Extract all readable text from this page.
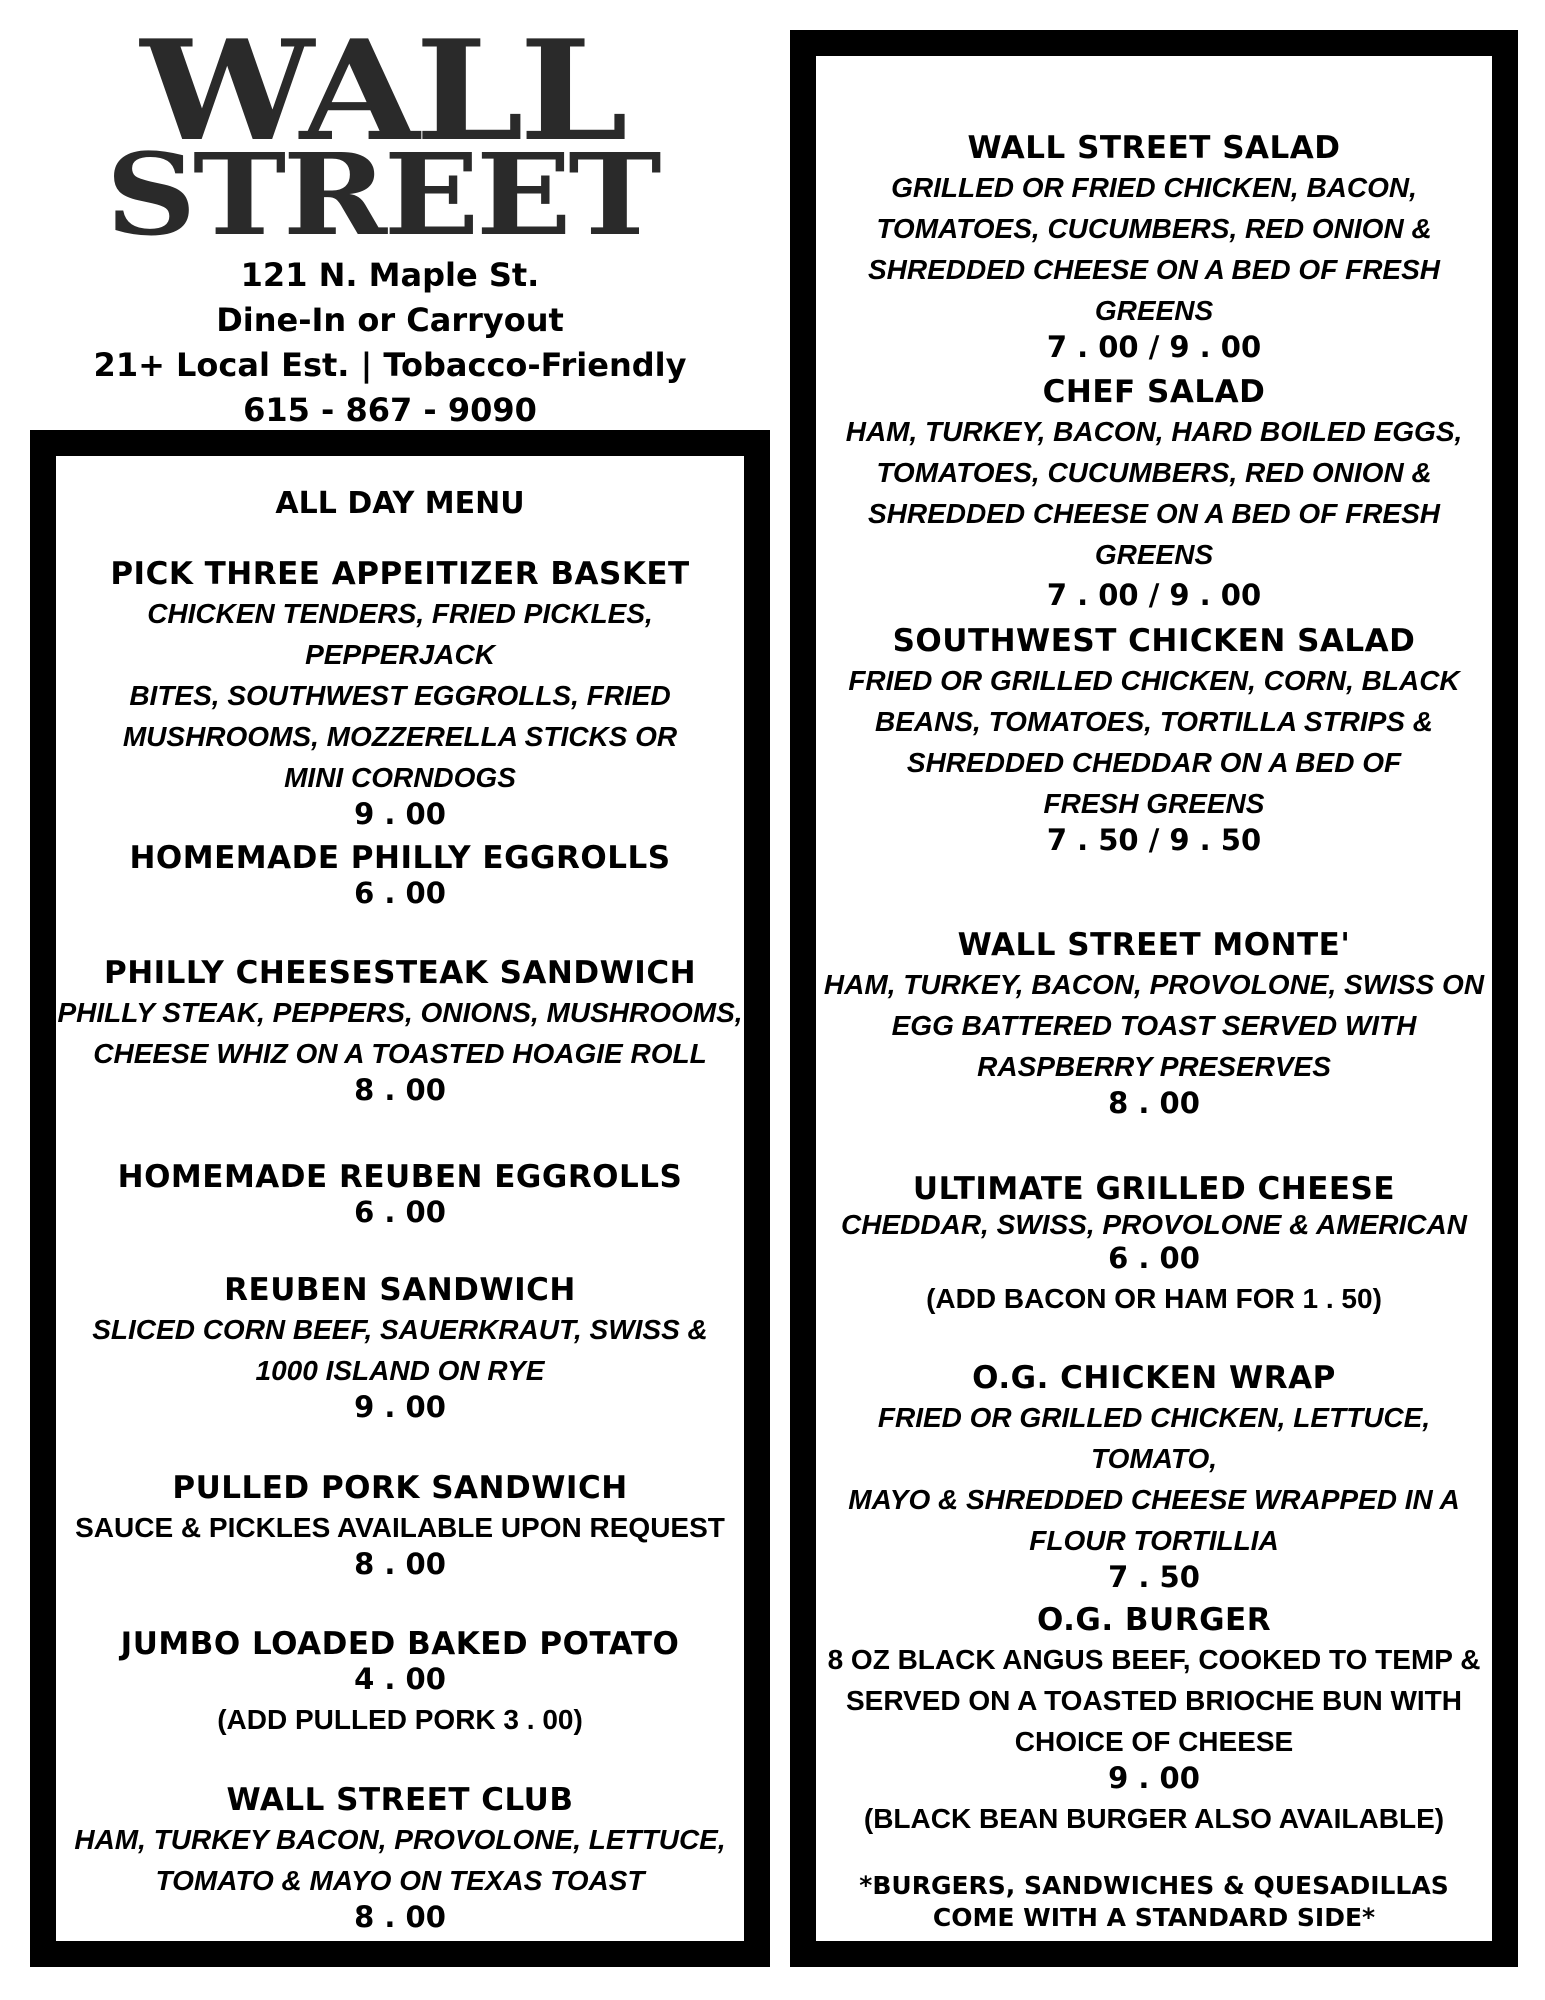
WALL
STREET
121 N. Maple St.
Dine-In or Carryout
21+ Local Est. | Tobacco-Friendly
615 - 867 - 9090
ALL DAY MENU
PICK THREE APPEITIZER BASKET
CHICKEN TENDERS, FRIED PICKLES, PEPPERJACK
BITES, SOUTHWEST EGGROLLS, FRIED
MUSHROOMS, MOZZERELLA STICKS OR
MINI CORNDOGS
9 . 00
HOMEMADE PHILLY EGGROLLS
6 . 00
PHILLY CHEESESTEAK SANDWICH
PHILLY STEAK, PEPPERS, ONIONS, MUSHROOMS,
CHEESE WHIZ ON A TOASTED HOAGIE ROLL
8 . 00
HOMEMADE REUBEN EGGROLLS
6 . 00
REUBEN SANDWICH
SLICED CORN BEEF, SAUERKRAUT, SWISS &
1000 ISLAND ON RYE
9 . 00
PULLED PORK SANDWICH
SAUCE & PICKLES AVAILABLE UPON REQUEST
8 . 00
JUMBO LOADED BAKED POTATO
4 . 00
(ADD PULLED PORK 3 . 00)
WALL STREET CLUB
HAM, TURKEY BACON, PROVOLONE, LETTUCE,
TOMATO & MAYO ON TEXAS TOAST
8 . 00
WALL STREET SALAD
GRILLED OR FRIED CHICKEN, BACON,
TOMATOES, CUCUMBERS, RED ONION &
SHREDDED CHEESE ON A BED OF FRESH GREENS
7 . 00 / 9 . 00
CHEF SALAD
HAM, TURKEY, BACON, HARD BOILED EGGS,
TOMATOES, CUCUMBERS, RED ONION &
SHREDDED CHEESE ON A BED OF FRESH GREENS
7 . 00 / 9 . 00
SOUTHWEST CHICKEN SALAD
FRIED OR GRILLED CHICKEN, CORN, BLACK
BEANS, TOMATOES, TORTILLA STRIPS &
SHREDDED CHEDDAR ON A BED OF
FRESH GREENS
7 . 50 / 9 . 50
WALL STREET MONTE'
HAM, TURKEY, BACON, PROVOLONE, SWISS ON
EGG BATTERED TOAST SERVED WITH
RASPBERRY PRESERVES
8 . 00
ULTIMATE GRILLED CHEESE
CHEDDAR, SWISS, PROVOLONE & AMERICAN
6 . 00
(ADD BACON OR HAM FOR 1 . 50)
O.G. CHICKEN WRAP
FRIED OR GRILLED CHICKEN, LETTUCE, TOMATO,
MAYO & SHREDDED CHEESE WRAPPED IN A
FLOUR TORTILLIA
7 . 50
O.G. BURGER
8 OZ BLACK ANGUS BEEF, COOKED TO TEMP &
SERVED ON A TOASTED BRIOCHE BUN WITH
CHOICE OF CHEESE
9 . 00
(BLACK BEAN BURGER ALSO AVAILABLE)
*BURGERS, SANDWICHES & QUESADILLAS
COME WITH A STANDARD SIDE*
